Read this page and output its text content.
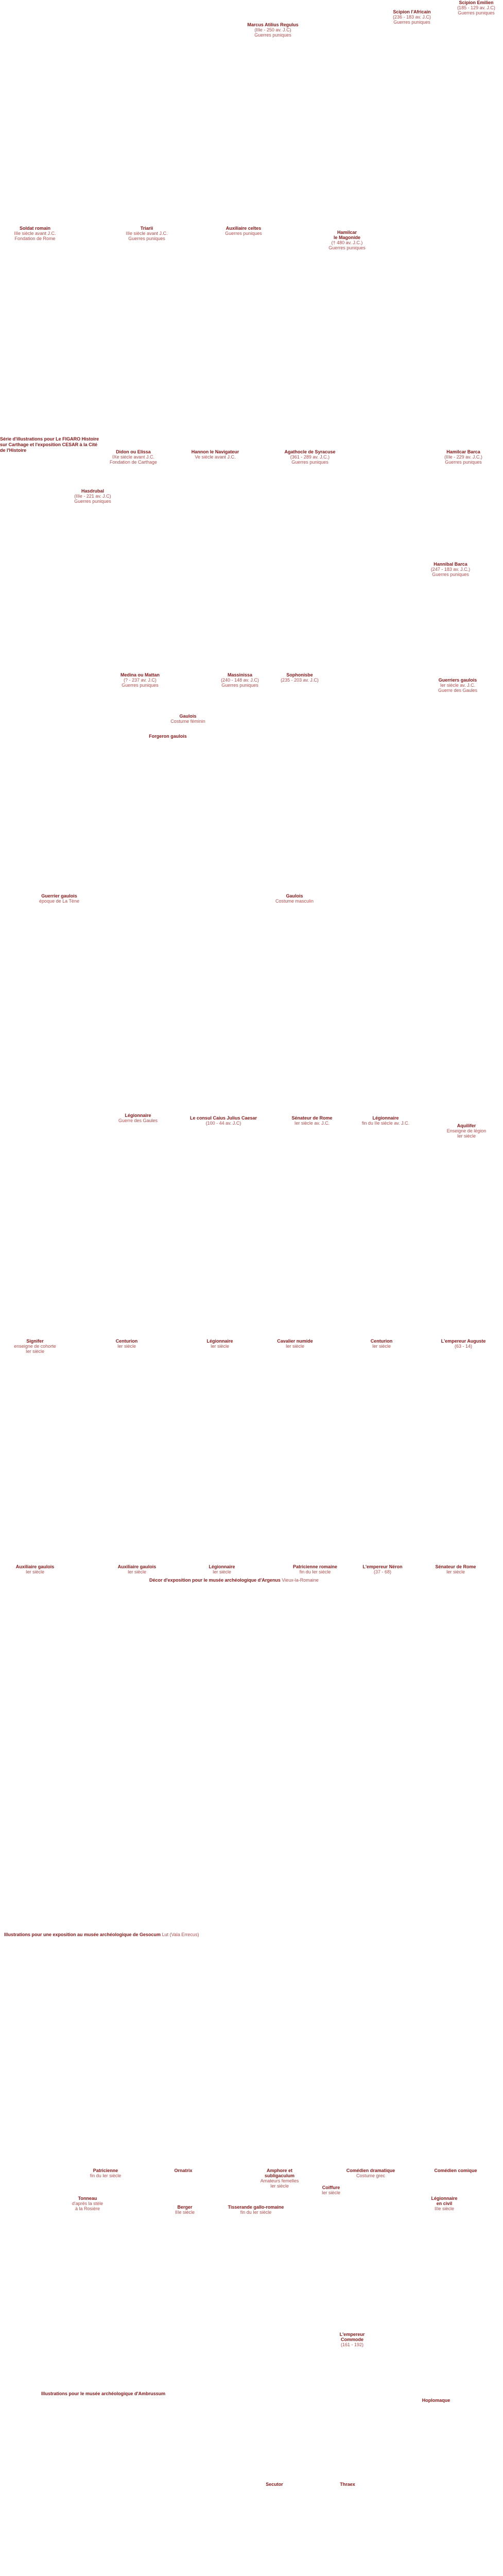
Série d'illustrations pour Le FIGARO Histoire sur Carthage et l'exposition CESAR à la Cité de l'Histoire
Décor d'exposition pour le musée archéologique d'Argenus Vieux-la-Romaine
Illustrations pour une exposition au musée archéologique de Gesocum Lut (Vala Errecus)
Illustrations pour le musée archéologique d'Ambrussum
Marcus Atilius Regulus
(IIIe - 250 av. J.C)
Guerres puniques
Scipion l'Africain
(236 - 183 av. J.C)
Guerres puniques
Scipion Emilien
(185 - 129 av. J.C)
Guerres puniques
Soldat romain
IIIe siècle avant J.C.
Fondation de Rome
Triarii
IIIe siècle avant J.C.
Guerres puniques
Auxiliaire celtes
Guerres puniques	Hamilcar
le Magonide
(† 480 av. J.C.)
Guerres puniques
Didon ou Elissa
IXe siècle avant J.C.
Fondation de Carthage
Hannon le Navigateur
Ve siècle avant J.C.
Agathocle de Syracuse
(361 - 289 av. J.C.)
Guerres puniques
Hamilcar Barca
(IIIe - 229 av. J.C.)
Guerres puniques
Hasdrubal
(IIIe - 221 av. J.C)
Guerres puniques
Hannibal Barca
(247 - 183 av. J.C.)
Guerres puniques
Medina ou Mattan
(? - 237 av. J.C)
Guerres puniques
Massinissa
(240 - 148 av. J.C)
Guerres puniques
Sophonisbe
(235 - 203 av. J.C)	Guerriers gaulois
Ier siècle av. J.C.
Guerre des Gaules
Gaulois
Costume féminin
Forgeron gaulois
Guerrier gaulois
époque de La Tène
Gaulois
Costume masculin
Légionnaire
Guerre des Gaules	Le consul Caius Julius Caesar
(100 - 44 av. J.C)
Sénateur de Rome
Ier siècle av. J.C.
Légionnaire
fin du IIe siècle av. J.C.	Aquilifer
Enseigne de légion
Ier siècle
Signifer
enseigne de cohorte
Ier siècle
Centurion
Ier siècle
Légionnaire
Ier siècle
Cavalier numide
Ier siècle
Centurion
Ier siècle
L'empereur Auguste
(63 - 14)
Auxiliaire gaulois
Ier siècle
Auxiliaire gaulois
Ier siècle
Légionnaire
Ier siècle
Patricienne romaine
fin du Ier siècle
L'empereur Néron
(37 - 68)
Sénateur de Rome
Ier siècle
Patricienne
fin du Ier siècle
Ornatrix	Amphore et
subligaculum
Amateurs femelles
Ier siècle
Comédien dramatique
Costume grec
Comédien comique
Coiffure
Ier siècle
Tonneau
d'après la stèle
à la Rosière	Berger
IIIe siècle
Tisserande gallo-romaine
fin du Ier siècle
Légionnaire
en civil
IIIe siècle
L'empereur
Commode
(161 - 192)
Hoplomaque
Secutor	Thraex
